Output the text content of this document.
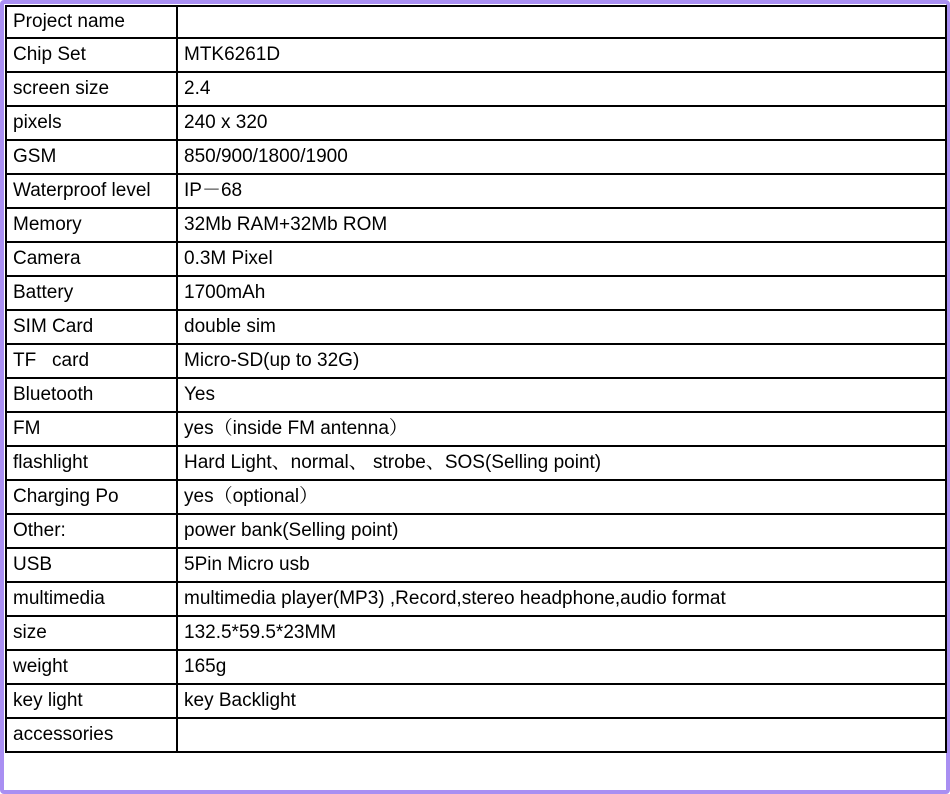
Project name	
Chip Set	MTK6261D
screen size	2.4
pixels	240 x 320
GSM	850/900/1800/1900
Waterproof level	IP－68
Memory	32Mb RAM+32Mb ROM
Camera	0.3M Pixel
Battery	1700mAh
SIM Card	double sim
TF   card	Micro-SD(up to 32G)
Bluetooth	Yes
FM	yes（inside FM antenna）
flashlight	Hard Light、normal、 strobe、SOS(Selling point)
Charging Po	yes（optional）
Other:	power bank(Selling point)
USB	5Pin Micro usb
multimedia	multimedia player(MP3) ,Record,stereo headphone,audio format
size	132.5*59.5*23MM
weight	165g
key light	key Backlight
accessories	
